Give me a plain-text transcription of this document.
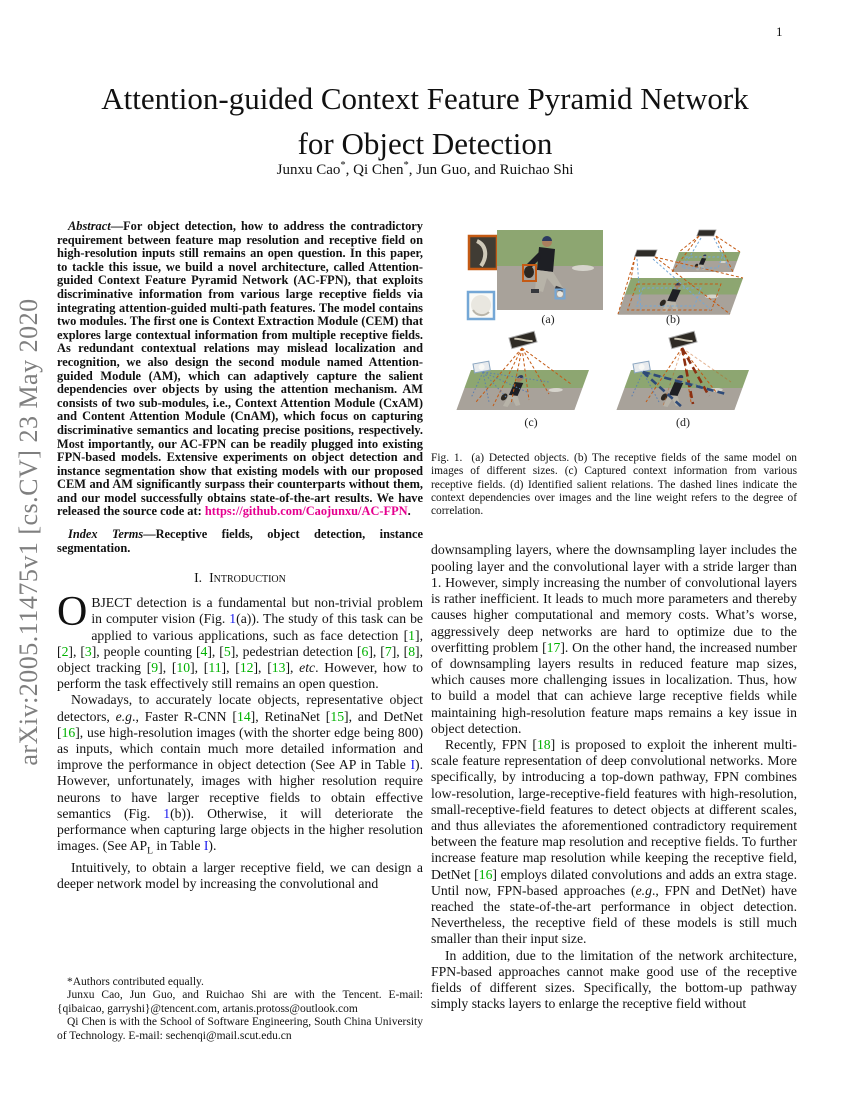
1
arXiv:2005.11475v1 [cs.CV] 23 May 2020
Attention-guided Context Feature Pyramid Network
for Object Detection
Junxu Cao*, Qi Chen*, Jun Guo, and Ruichao Shi

Abstract—For object detection, how to address the contradictory requirement between feature map resolution and receptive field on high-resolution inputs still remains an open question. In this paper, to tackle this issue, we build a novel architecture, called Attention-guided Context Feature Pyramid Network (AC-FPN), that exploits discriminative information from various large receptive fields via integrating attention-guided multi-path features. The model contains two modules. The first one is Context Extraction Module (CEM) that explores large contextual information from multiple receptive fields. As redundant contextual relations may mislead localization and recognition, we also design the second module named Attention-guided Module (AM), which can adaptively capture the salient dependencies over objects by using the attention mechanism. AM consists of two sub-modules, i.e., Context Attention Module (CxAM) and Content Attention Module (CnAM), which focus on capturing discriminative semantics and locating precise positions, respectively. Most importantly, our AC-FPN can be readily plugged into existing FPN-based models. Extensive experiments on object detection and instance segmentation show that existing models with our proposed CEM and AM significantly surpass their counterparts without them, and our model successfully obtains state-of-the-art results. We have released the source code at: https://github.com/Caojunxu/AC-FPN.

Index Terms—Receptive fields, object detection, instance segmentation.

I. Introduction

OBJECT detection is a fundamental but non-trivial problem in computer vision (Fig. 1(a)). The study of this task can be applied to various applications, such as face detection [1], [2], [3], people counting [4], [5], pedestrian detection [6], [7], [8], object tracking [9], [10], [11], [12], [13], etc. However, how to perform the task effectively still remains an open question.

Nowadays, to accurately locate objects, representative object detectors, e.g., Faster R-CNN [14], RetinaNet [15], and DetNet [16], use high-resolution images (with the shorter edge being 800) as inputs, which contain much more detailed information and improve the performance in object detection (See AP in Table I). However, unfortunately, images with higher resolution require neurons to have larger receptive fields to obtain effective semantics (Fig. 1(b)). Otherwise, it will deteriorate the performance when capturing large objects in the higher resolution images. (See $AP_L$ in Table I).

Intuitively, to obtain a larger receptive field, we can design a deeper network model by increasing the convolutional and

*Authors contributed equally.

Junxu Cao, Jun Guo, and Ruichao Shi are with the Tencent. E-mail: {qibaicao, garryshi}@tencent.com, artanis.protoss@outlook.com

Qi Chen is with the School of Software Engineering, South China University of Technology. E-mail: sechenqi@mail.scut.edu.cn

(a)	(b)
(c)	(d)

Fig. 1. (a) Detected objects. (b) The receptive fields of the same model on images of different sizes. (c) Captured context information from various receptive fields. (d) Identified salient relations. The dashed lines indicate the context dependencies over images and the line weight refers to the degree of correlation.

downsampling layers, where the downsampling layer includes the pooling layer and the convolutional layer with a stride larger than 1. However, simply increasing the number of convolutional layers is rather inefficient. It leads to much more parameters and thereby causes higher computational and memory costs. What’s worse, aggressively deep networks are hard to optimize due to the overfitting problem [17]. On the other hand, the increased number of downsampling layers results in reduced feature map sizes, which causes more challenging issues in localization. Thus, how to build a model that can achieve large receptive fields while maintaining high-resolution feature maps remains a key issue in object detection.

Recently, FPN [18] is proposed to exploit the inherent multi-scale feature representation of deep convolutional networks. More specifically, by introducing a top-down pathway, FPN combines low-resolution, large-receptive-field features with high-resolution, small-receptive-field features to detect objects at different scales, and thus alleviates the aforementioned contradictory requirement between the feature map resolution and receptive fields. To further increase feature map resolution while keeping the receptive field, DetNet [16] employs dilated convolutions and adds an extra stage. Until now, FPN-based approaches (e.g., FPN and DetNet) have reached the state-of-the-art performance in object detection. Nevertheless, the receptive field of these models is still much smaller than their input size.

In addition, due to the limitation of the network architecture, FPN-based approaches cannot make good use of the receptive fields of different sizes. Specifically, the bottom-up pathway simply stacks layers to enlarge the receptive field without
